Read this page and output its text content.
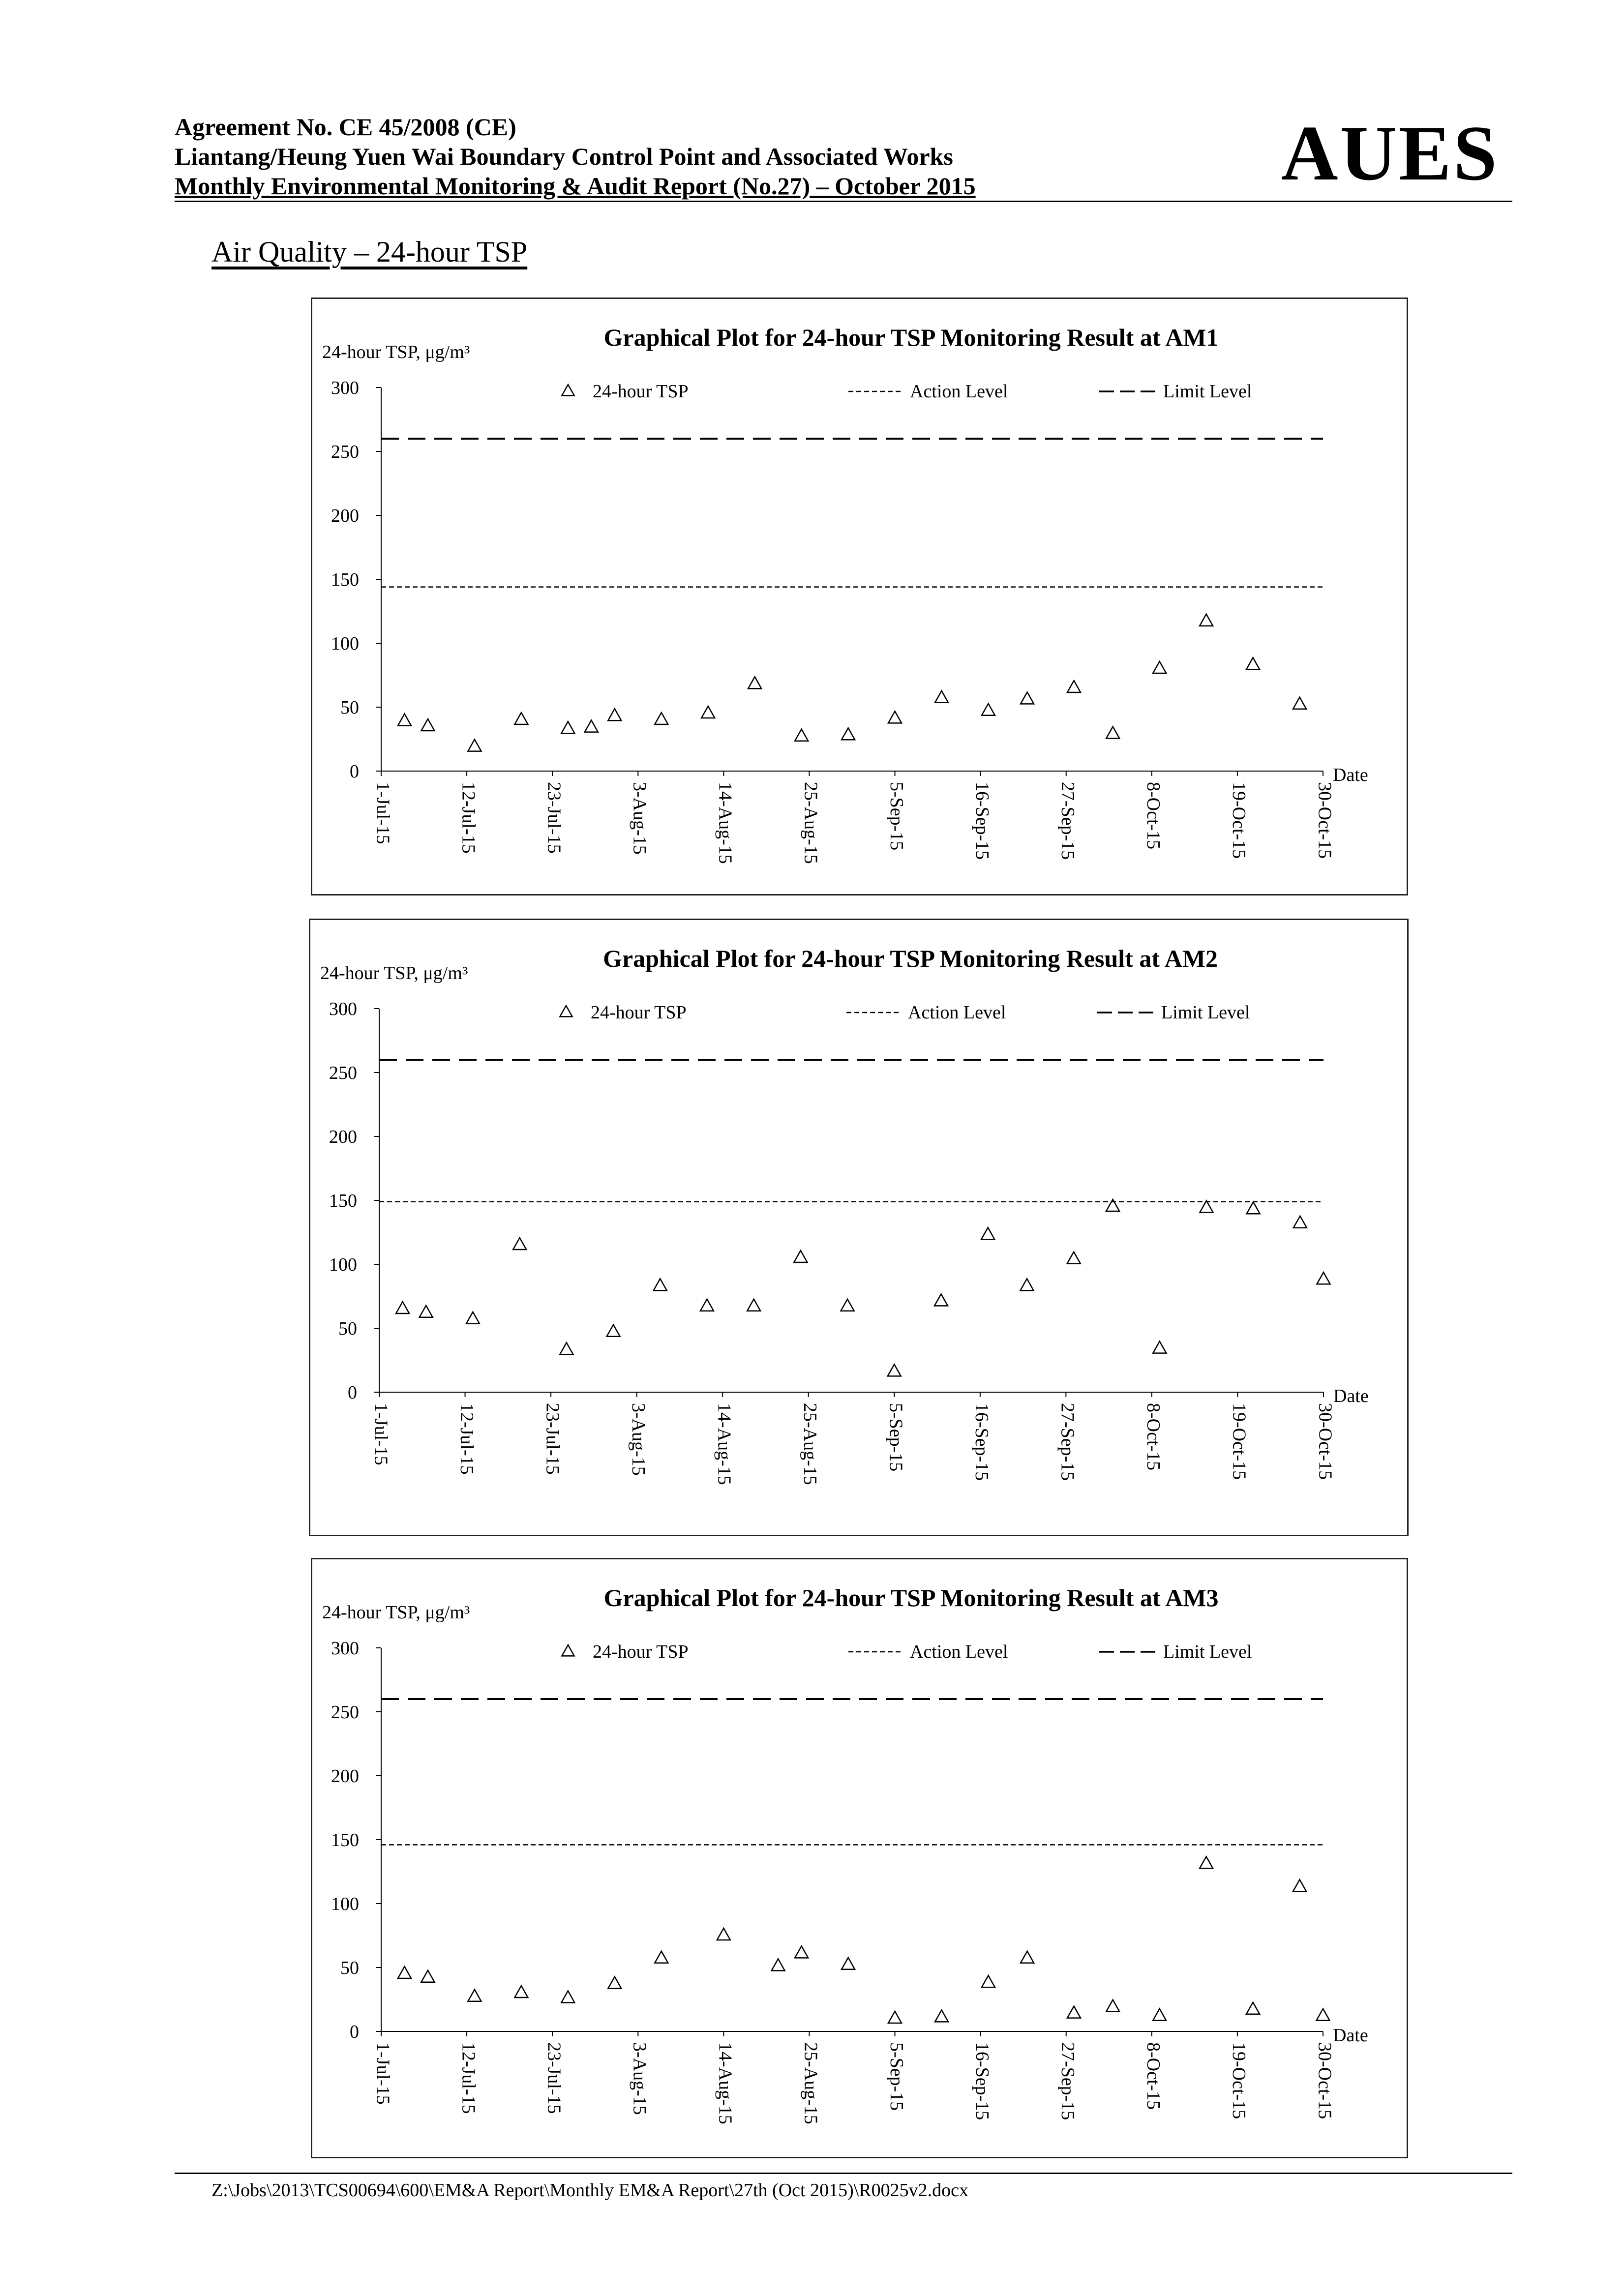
Agreement No. CE 45/2008 (CE)
Liantang/Heung Yuen Wai Boundary Control Point and Associated Works
Monthly Environmental Monitoring & Audit Report (No.27) – October 2015	AUES
Air Quality – 24-hour TSP
Graphical Plot for 24-hour TSP Monitoring Result at AM1
24-hour TSP, μg/m³
0
50
100
150
200
250
300
1-Jul-15	12-Jul-15	23-Jul-15	3-Aug-15	14-Aug-15	25-Aug-15	5-Sep-15	16-Sep-15	27-Sep-15	8-Oct-15	19-Oct-15	30-Oct-15
Date
24-hour TSP	Action Level	Limit Level
Graphical Plot for 24-hour TSP Monitoring Result at AM2
24-hour TSP, μg/m³
0
50
100
150
200
250
300
1-Jul-15	12-Jul-15	23-Jul-15	3-Aug-15	14-Aug-15	25-Aug-15	5-Sep-15	16-Sep-15	27-Sep-15	8-Oct-15	19-Oct-15	30-Oct-15
Date
24-hour TSP	Action Level	Limit Level
Graphical Plot for 24-hour TSP Monitoring Result at AM3
24-hour TSP, μg/m³
0
50
100
150
200
250
300
1-Jul-15	12-Jul-15	23-Jul-15	3-Aug-15	14-Aug-15	25-Aug-15	5-Sep-15	16-Sep-15	27-Sep-15	8-Oct-15	19-Oct-15	30-Oct-15
Date
24-hour TSP	Action Level	Limit Level
Z:\Jobs\2013\TCS00694\600\EM&A Report\Monthly EM&A Report\27th (Oct 2015)\R0025v2.docx
